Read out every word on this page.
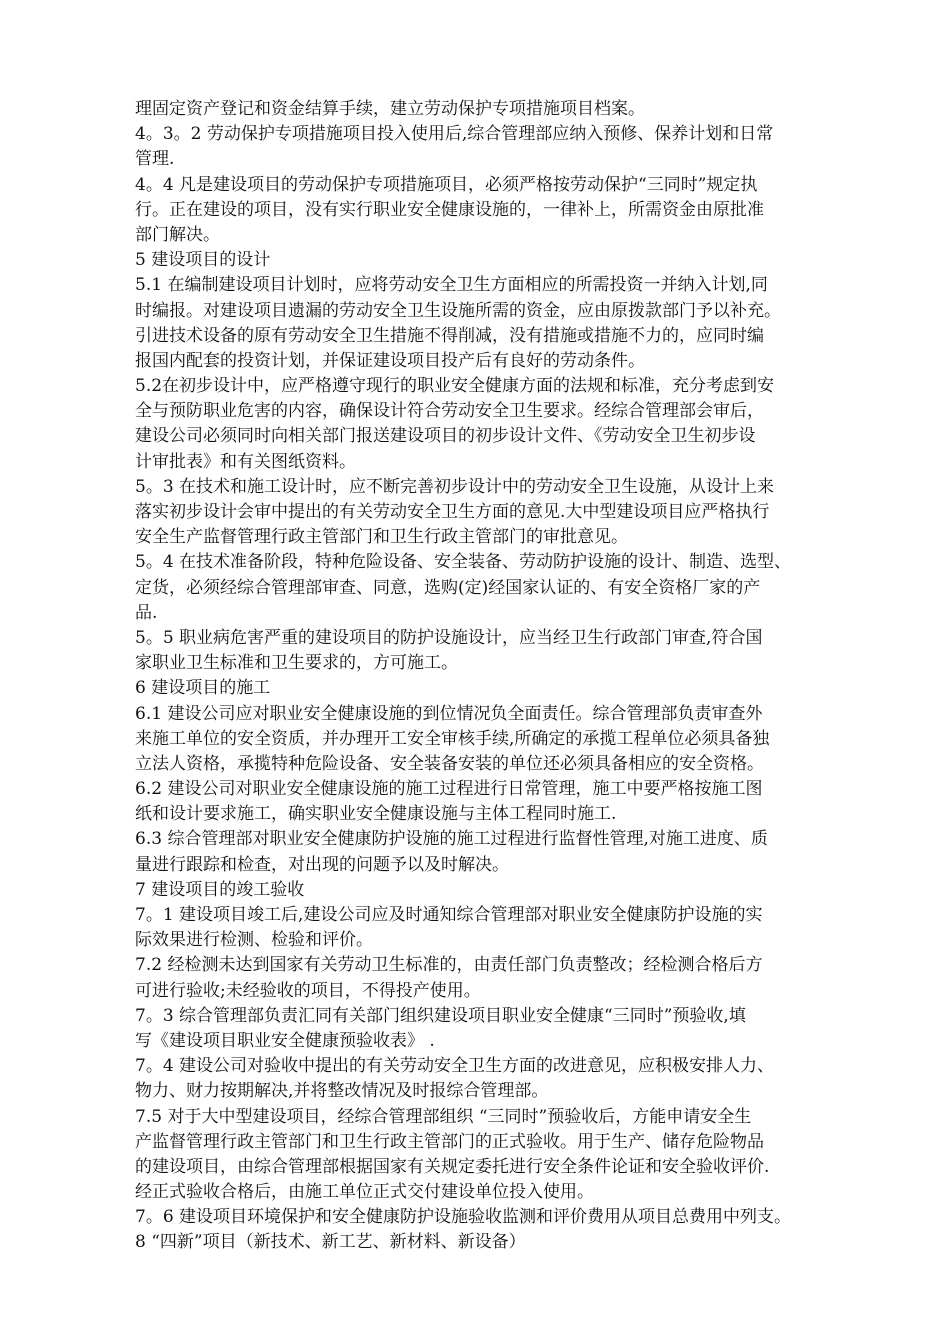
理固定资产登记和资金结算手续，建立劳动保护专项措施项目档案。
4。3。2 劳动保护专项措施项目投入使用后,综合管理部应纳入预修、保养计划和日常
管理.
4。4 凡是建设项目的劳动保护专项措施项目，必须严格按劳动保护“三同时”规定执
行。正在建设的项目，没有实行职业安全健康设施的，一律补上，所需资金由原批准
部门解决。
5 建设项目的设计
5.1 在编制建设项目计划时，应将劳动安全卫生方面相应的所需投资一并纳入计划,同
时编报。对建设项目遗漏的劳动安全卫生设施所需的资金，应由原拨款部门予以补充。
引进技术设备的原有劳动安全卫生措施不得削减，没有措施或措施不力的，应同时编
报国内配套的投资计划，并保证建设项目投产后有良好的劳动条件。
5.2在初步设计中，应严格遵守现行的职业安全健康方面的法规和标准，充分考虑到安
全与预防职业危害的内容，确保设计符合劳动安全卫生要求。经综合管理部会审后，
建设公司必须同时向相关部门报送建设项目的初步设计文件、《劳动安全卫生初步设
计审批表》和有关图纸资料。
5。3 在技术和施工设计时，应不断完善初步设计中的劳动安全卫生设施，从设计上来
落实初步设计会审中提出的有关劳动安全卫生方面的意见.大中型建设项目应严格执行
安全生产监督管理行政主管部门和卫生行政主管部门的审批意见。
5。4 在技术准备阶段，特种危险设备、安全装备、劳动防护设施的设计、制造、选型、
定货，必须经综合管理部审查、同意，选购(定)经国家认证的、有安全资格厂家的产
品.
5。5 职业病危害严重的建设项目的防护设施设计，应当经卫生行政部门审查,符合国
家职业卫生标准和卫生要求的，方可施工。
6 建设项目的施工
6.1 建设公司应对职业安全健康设施的到位情况负全面责任。综合管理部负责审查外
来施工单位的安全资质，并办理开工安全审核手续,所确定的承揽工程单位必须具备独
立法人资格，承揽特种危险设备、安全装备安装的单位还必须具备相应的安全资格。
6.2 建设公司对职业安全健康设施的施工过程进行日常管理，施工中要严格按施工图
纸和设计要求施工，确实职业安全健康设施与主体工程同时施工.
6.3 综合管理部对职业安全健康防护设施的施工过程进行监督性管理,对施工进度、质
量进行跟踪和检查，对出现的问题予以及时解决。
7 建设项目的竣工验收
7。1 建设项目竣工后,建设公司应及时通知综合管理部对职业安全健康防护设施的实
际效果进行检测、检验和评价。
7.2 经检测未达到国家有关劳动卫生标准的，由责任部门负责整改；经检测合格后方
可进行验收;未经验收的项目，不得投产使用。
7。3 综合管理部负责汇同有关部门组织建设项目职业安全健康“三同时”预验收,填
写《建设项目职业安全健康预验收表》 .
7。4 建设公司对验收中提出的有关劳动安全卫生方面的改进意见，应积极安排人力、
物力、财力按期解决,并将整改情况及时报综合管理部。
7.5 对于大中型建设项目，经综合管理部组织 “三同时”预验收后，方能申请安全生
产监督管理行政主管部门和卫生行政主管部门的正式验收。用于生产、储存危险物品
的建设项目，由综合管理部根据国家有关规定委托进行安全条件论证和安全验收评价.
经正式验收合格后，由施工单位正式交付建设单位投入使用。
7。6 建设项目环境保护和安全健康防护设施验收监测和评价费用从项目总费用中列支。
8 “四新”项目（新技术、新工艺、新材料、新设备）
